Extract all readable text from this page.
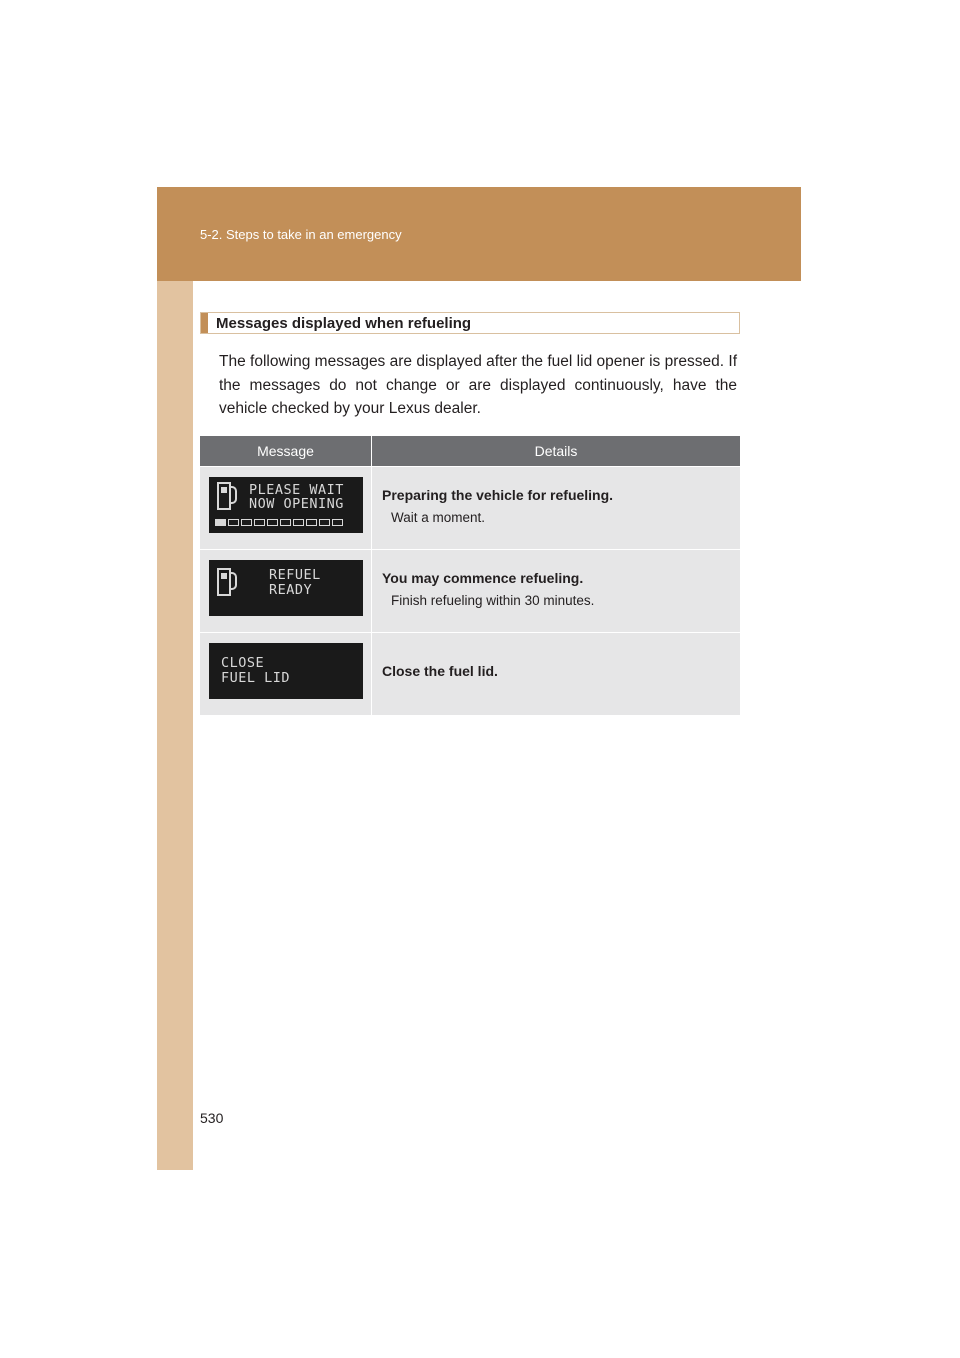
5-2. Steps to take in an emergency
Messages displayed when refueling
The following messages are displayed after the fuel lid opener is pressed. If the messages do not change or are displayed continuously, have the vehicle checked by your Lexus dealer.
Message	Details
PLEASE WAIT
NOW OPENING
Preparing the vehicle for refueling.
Wait a moment.
REFUEL
READY
You may commence refueling.
Finish refueling within 30 minutes.
CLOSE
FUEL LID	Close the fuel lid.
530
